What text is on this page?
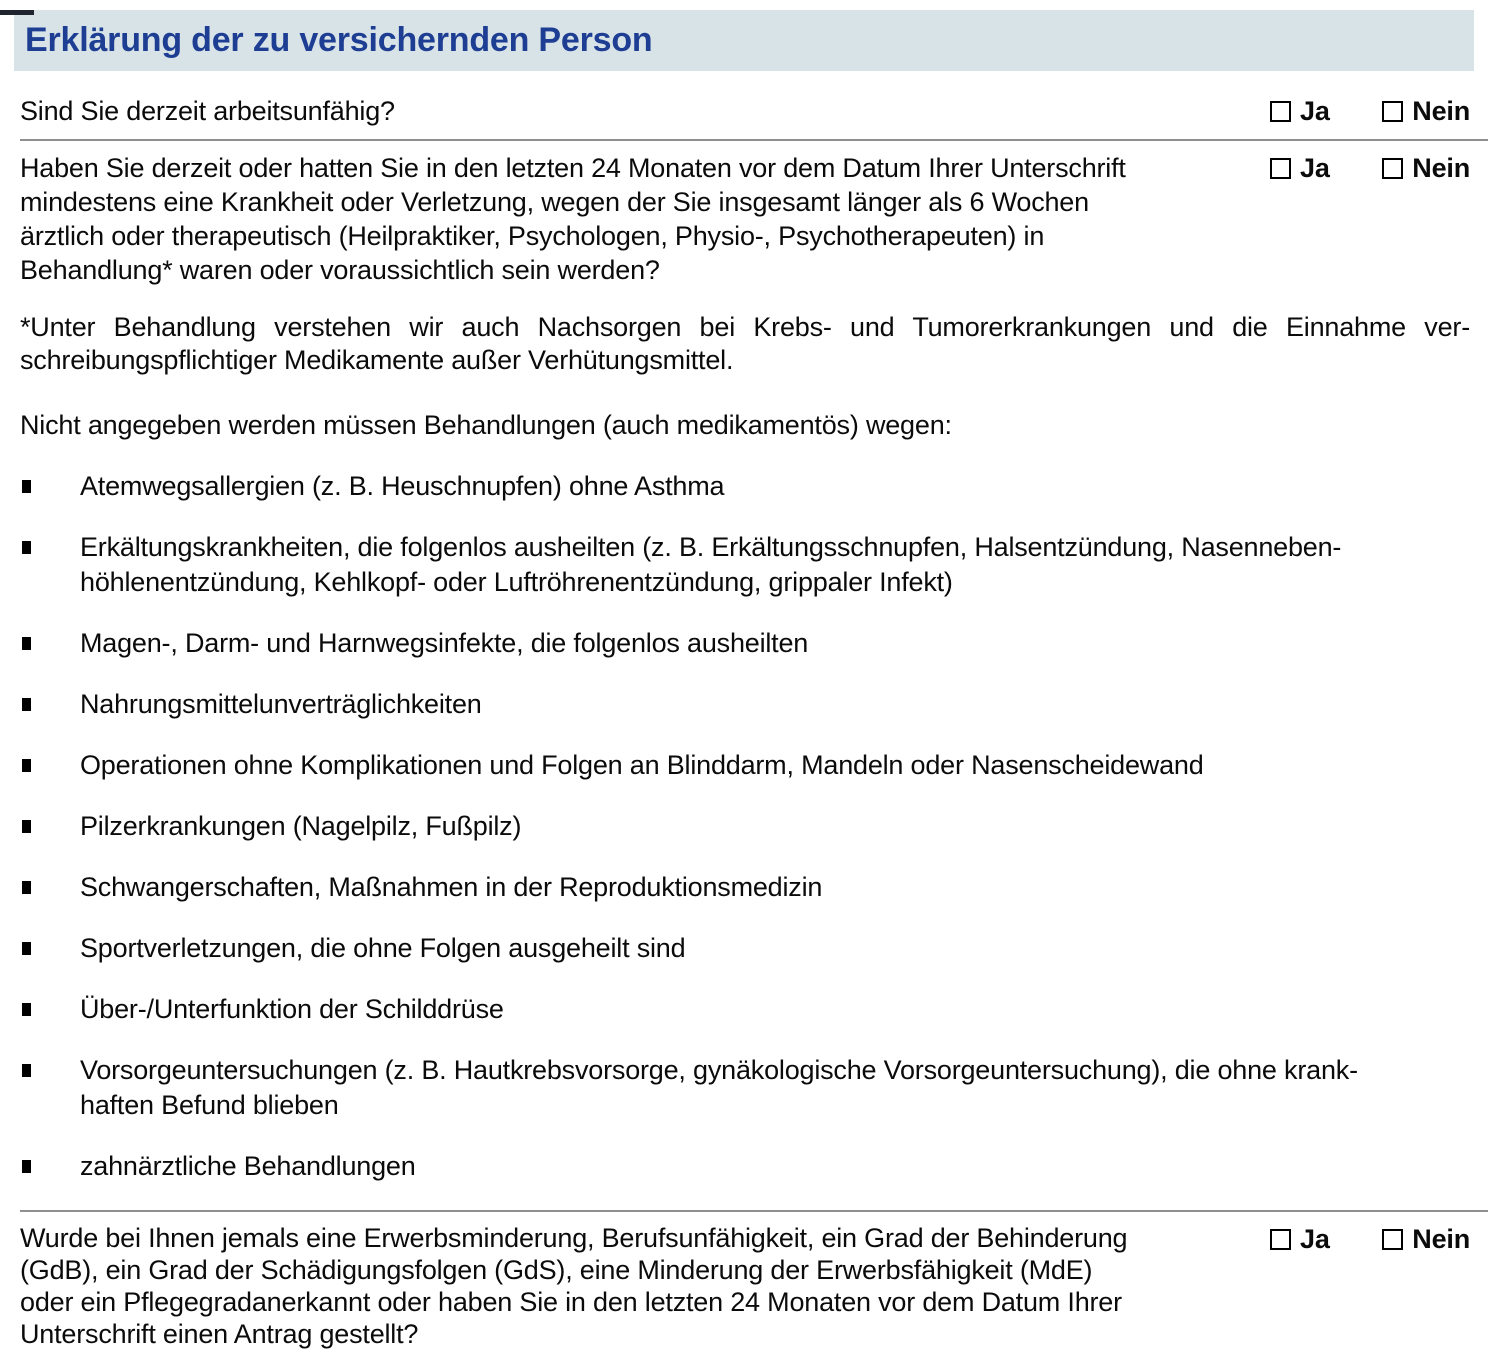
Erklärung der zu versichernden Person
Sind Sie derzeit arbeitsunfähig?	Ja	Nein
Haben Sie derzeit oder hatten Sie in den letzten 24 Monaten vor dem Datum Ihrer Unterschrift
mindestens eine Krankheit oder Verletzung, wegen der Sie insgesamt länger als 6 Wochen
ärztlich oder therapeutisch (Heilpraktiker, Psychologen, Physio-, Psychotherapeuten) in
Behandlung* waren oder voraussichtlich sein werden?
Ja	Nein
*Unter Behandlung verstehen wir auch Nachsorgen bei Krebs- und Tumorerkrankungen und die Einnahme ver-
schreibungspflichtiger Medikamente außer Verhütungsmittel.
Nicht angegeben werden müssen Behandlungen (auch medikamentös) wegen:
Atemwegsallergien (z. B. Heuschnupfen) ohne Asthma
Erkältungskrankheiten, die folgenlos ausheilten (z. B. Erkältungsschnupfen, Halsentzündung, Nasenneben-
höhlenentzündung, Kehlkopf- oder Luftröhrenentzündung, grippaler Infekt)
Magen-, Darm- und Harnwegsinfekte, die folgenlos ausheilten
Nahrungsmittelunverträglichkeiten
Operationen ohne Komplikationen und Folgen an Blinddarm, Mandeln oder Nasenscheidewand
Pilzerkrankungen (Nagelpilz, Fußpilz)
Schwangerschaften, Maßnahmen in der Reproduktionsmedizin
Sportverletzungen, die ohne Folgen ausgeheilt sind
Über-/Unterfunktion der Schilddrüse
Vorsorgeuntersuchungen (z. B. Hautkrebsvorsorge, gynäkologische Vorsorgeuntersuchung), die ohne krank-
haften Befund blieben
zahnärztliche Behandlungen
Wurde bei Ihnen jemals eine Erwerbsminderung, Berufsunfähigkeit, ein Grad der Behinderung
(GdB), ein Grad der Schädigungsfolgen (GdS), eine Minderung der Erwerbsfähigkeit (MdE)
oder ein Pflegegradanerkannt oder haben Sie in den letzten 24 Monaten vor dem Datum Ihrer
Unterschrift einen Antrag gestellt?
Ja	Nein
